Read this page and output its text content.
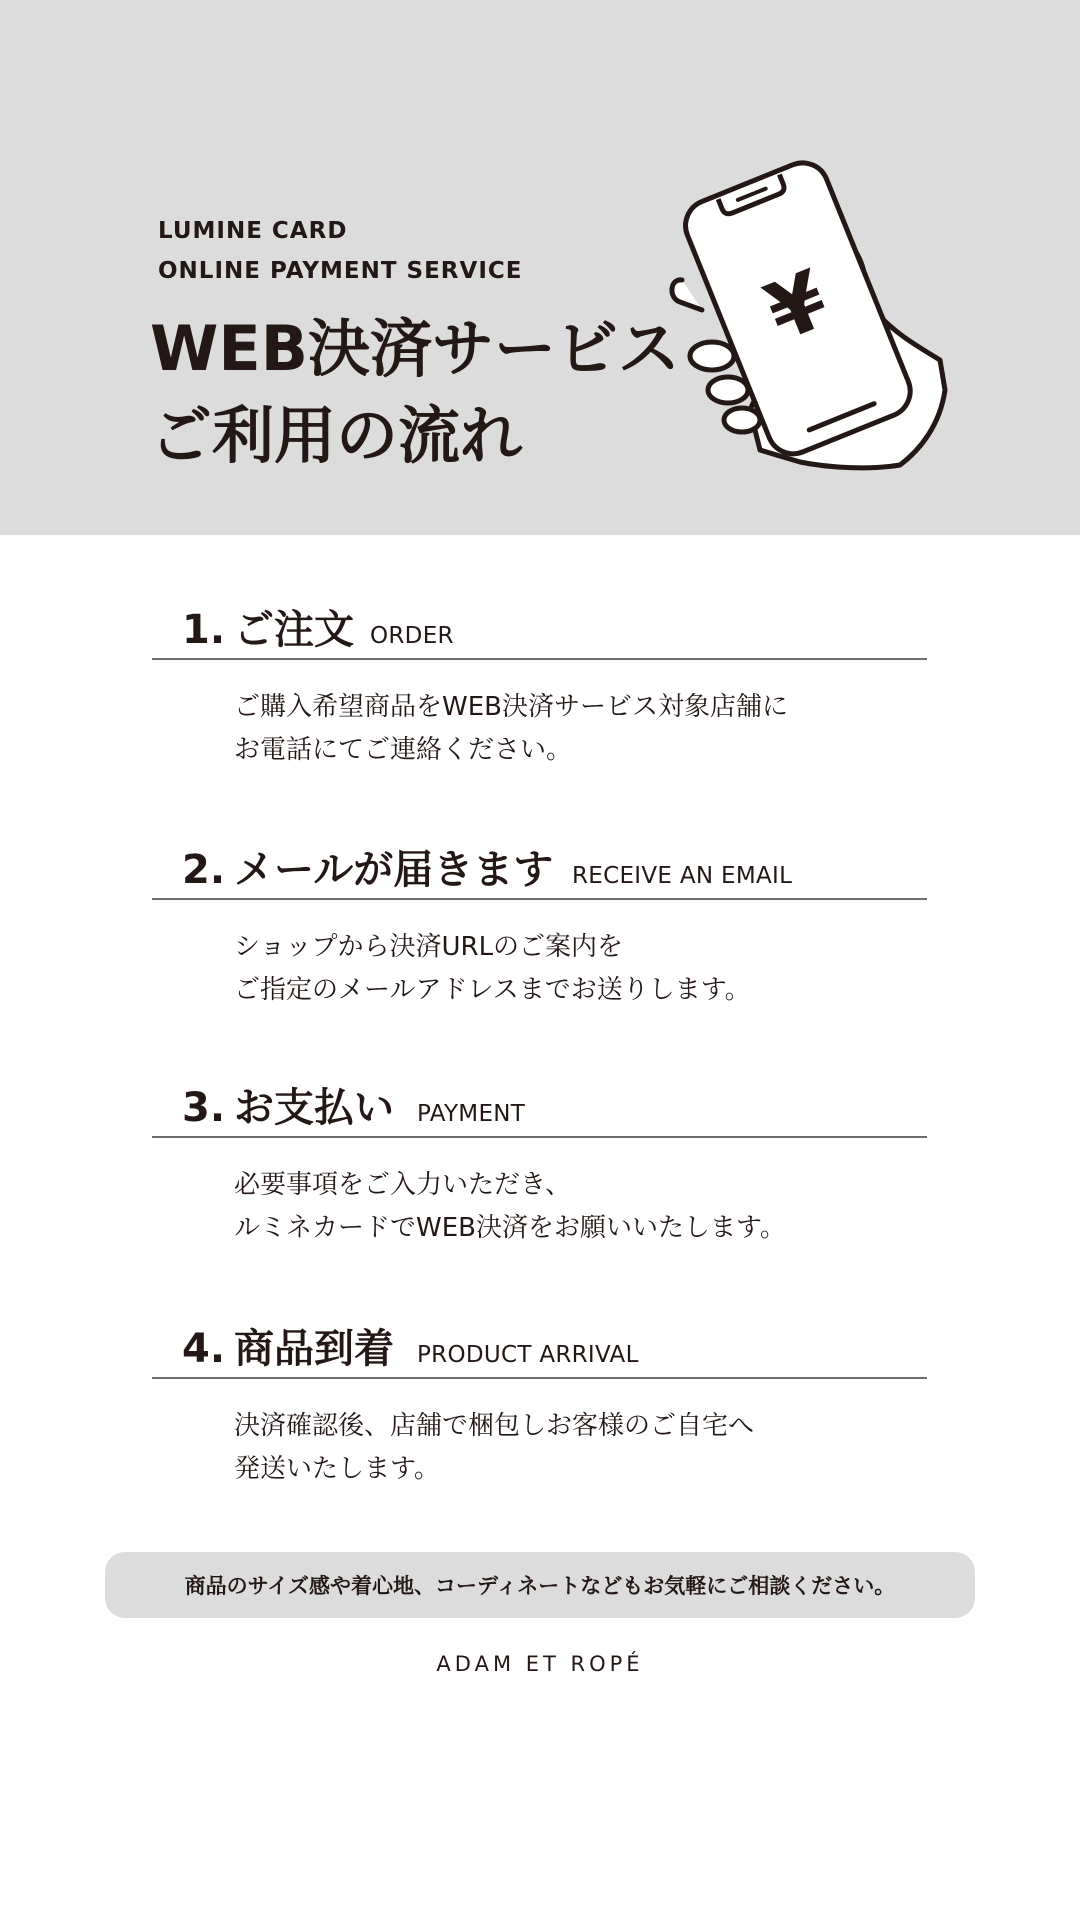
LUMINE CARD
ONLINE PAYMENT SERVICE
WEB決済サービス
ご利用の流れ
¥
1. ご注文 ORDER
ご購入希望商品をWEB決済サービス対象店舗に
お電話にてご連絡ください。
2. メールが届きます RECEIVE AN EMAIL
ショップから決済URLのご案内を
ご指定のメールアドレスまでお送りします。
3. お支払い PAYMENT
必要事項をご入力いただき、
ルミネカードでWEB決済をお願いいたします。
4. 商品到着 PRODUCT ARRIVAL
決済確認後、店舗で梱包しお客様のご自宅へ
発送いたします。
商品のサイズ感や着心地、コーディネートなどもお気軽にご相談ください。
ADAM ET ROPÉ
